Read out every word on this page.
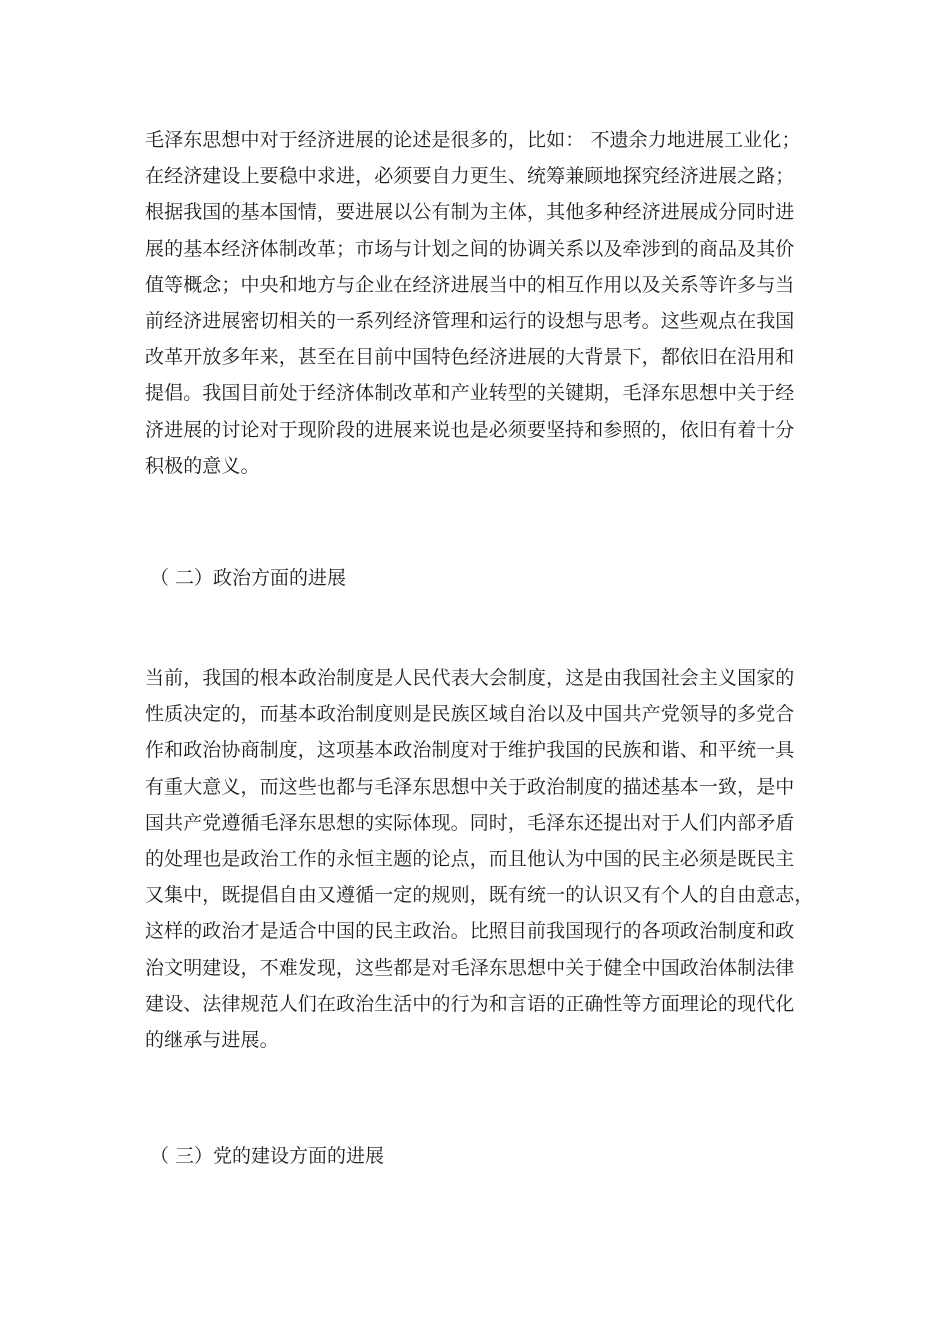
毛泽东思想中对于经济进展的论述是很多的，比如： 不遗余力地进展工业化；
在经济建设上要稳中求进，必须要自力更生、统筹兼顾地探究经济进展之路；
根据我国的基本国情，要进展以公有制为主体，其他多种经济进展成分同时进
展的基本经济体制改革；市场与计划之间的协调关系以及牵涉到的商品及其价
值等概念；中央和地方与企业在经济进展当中的相互作用以及关系等许多与当
前经济进展密切相关的一系列经济管理和运行的设想与思考。这些观点在我国
改革开放多年来，甚至在目前中国特色经济进展的大背景下，都依旧在沿用和
提倡。我国目前处于经济体制改革和产业转型的关键期，毛泽东思想中关于经
济进展的讨论对于现阶段的进展来说也是必须要坚持和参照的，依旧有着十分
积极的意义。
（ 二）政治方面的进展
当前，我国的根本政治制度是人民代表大会制度，这是由我国社会主义国家的
性质决定的，而基本政治制度则是民族区域自治以及中国共产党领导的多党合
作和政治协商制度，这项基本政治制度对于维护我国的民族和谐、和平统一具
有重大意义，而这些也都与毛泽东思想中关于政治制度的描述基本一致，是中
国共产党遵循毛泽东思想的实际体现。同时，毛泽东还提出对于人们内部矛盾
的处理也是政治工作的永恒主题的论点，而且他认为中国的民主必须是既民主
又集中，既提倡自由又遵循一定的规则，既有统一的认识又有个人的自由意志，
这样的政治才是适合中国的民主政治。比照目前我国现行的各项政治制度和政
治文明建设，不难发现，这些都是对毛泽东思想中关于健全中国政治体制法律
建设、法律规范人们在政治生活中的行为和言语的正确性等方面理论的现代化
的继承与进展。
（ 三）党的建设方面的进展
